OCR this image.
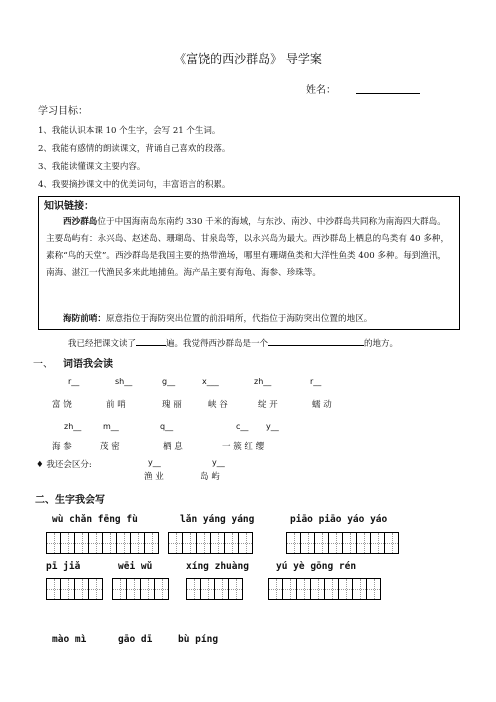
《富饶的西沙群岛》 导学案
姓名：
学习目标：
1、我能认识本课 10 个生字，会写 21 个生词。
2、我能有感情的朗读课文，背诵自己喜欢的段落。
3、我能读懂课文主要内容。
4、我要摘抄课文中的优美词句，丰富语言的积累。
知识链接：
西沙群岛位于中国海南岛东南约 330 千米的海域，与东沙、南沙、中沙群岛共同称为南海四大群岛。主要岛屿有：永兴岛、赵述岛、珊瑚岛、甘泉岛等，以永兴岛为最大。西沙群岛上栖息的鸟类有 40 多种，素称“鸟的天堂”。西沙群岛是我国主要的热带渔场，哪里有珊瑚鱼类和大洋性鱼类 400 多种。每到渔汛，南海、湛江一代渔民多来此地捕鱼。海产品主要有海龟、海参、珍珠等。
海防前哨：原意指位于海防突出位置的前沿哨所，代指位于海防突出位置的地区。
我已经把课文读了	遍。我觉得西沙群岛是一个	的地方。
一、 词语我会读
r__	sh__	g__	x___	zh__	r__
富 饶	前 哨	瑰 丽	峡 谷	绽 开	蠕 动
zh__	m__	q__	c__ y__
海 参	茂 密	栖 息	一 簇 红 缨
♦ 我还会区分:	y__	y__
渔 业	岛 屿
二、生字我会写
wù chǎn fēng fù	lǎn yáng yáng	piāo piāo yáo yáo
pī jiǎ	wēi wǔ	xíng zhuàng	yú yè gōng rén
mào mì	gāo dī	bù píng
